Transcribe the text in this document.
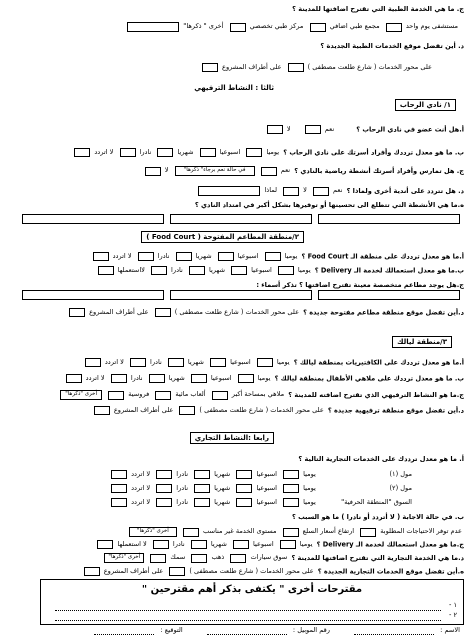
ج. ما هي الخدمة الطبية التي تقترح اضافتها للمدينة ؟
مستشفى يوم واحد مجمع طبي اضافي مركز طبي تخصصي أخرى " ذكرها"
د. أين تفضل موقع الخدمات الطبية الجديدة ؟
على محور الخدمات ( شارع طلعت مصطفى ) على أطراف المشروع
ثالثا : النشاط الترفيهي
١/ نادي الرحاب
أ.هل أنت عضو في نادي الرحاب ؟ نعم لا
ب. ما هو معدل ترددك وأفراد أسرتك على نادي الرحاب ؟ يوميا اسبوعيا شهريا نادرا لا اتردد
ج. هل تمارس وأفراد أسرتك أنشطة رياضية بالنادي ؟ نعم في حالة نعم برجاء" ذكرها" لا
د. هل تتردد على أندية أخرى ولماذا ؟ نعم لا لماذا
ه.ما هي الأنشطة التي تتطلع الى تحسينها أو توفيرها بشكل أكبر في امتداد النادي ؟

٢/منطقة المطاعم المفتوحة ( Food Court )
أ.ما هو معدل ترددك على منطقة الـ Food Court ؟ يوميا اسبوعيا شهريا نادرا لا اتردد
ب.ما هو معدل استعمالك لخدمة الـ Delivery ؟ يوميا اسبوعيا شهريا نادرا لااستعملها
ج.هل يوجد مطاعم متخصصة معينة تقترح اضافتها ؟ تذكر أسماء :

د.أين تفضل موقع منطقة مطاعم مفتوحة جديدة ؟ على محور الخدمات ( شارع طلعت مصطفى ) على أطراف المشروع
٣/منطقة ليالك
أ.ما هو معدل ترددك على الكافتيريات بمنطقة ليالك ؟ يوميا اسبوعيا شهريا نادرا لا اتردد
ب. ما هو معدل ترددك على ملاهي الأطفال بمنطقة ليالك ؟ يوميا اسبوعيا شهريا نادرا لا اتردد
ج.ما هو النشاط الترفيهي الذي تقترح اضافته للمدينة ؟ ملاهي بمساحة أكبر ألعاب مائية فروسية أخرى "ذكرها"
د.أين تفضل موقع منطقة ترفيهية جديدة ؟ على محور الخدمات ( شارع طلعت مصطفى ) على أطراف المشروع
رابعا :النشاط التجاري
أ. ما هو معدل ترددك على الخدمات التجارية التالية ؟
مول (١) يوميا اسبوعيا شهريا نادرا لا اتردد
مول (٢) يوميا اسبوعيا شهريا نادرا لا اتردد
السوق "المنطقة الحرفية" يوميا اسبوعيا شهريا نادرا لا اتردد
ب. في حالة الاجابة ( لا أتردد أو نادرا ) ما هو السبب ؟
عدم توفر الاحتياجات المطلوبة ارتفاع أسعار السلع مستوى الخدمة غير مناسب أخرى "ذكرها"
ج.ما هو معدل استعمالك لخدمة الـ Delivery ؟ يوميا اسبوعيا شهريا نادرا لا استعملها
د.ما هي الخدمة التجارية التي تقترح اضافتها للمدينة ؟ سوق سيارات ذهب سمك أخرى "ذكرها"
ه.أين تفضل موقع الخدمات التجارية الجديدة ؟ على محور الخدمات ( شارع طلعت مصطفى ) على أطراف المشروع
مقترحات أخرى " يكتفى بذكر أهم مقترحين "
١ -
٢ -
الاسم :  رقم الموبيل :  التوقيع :
